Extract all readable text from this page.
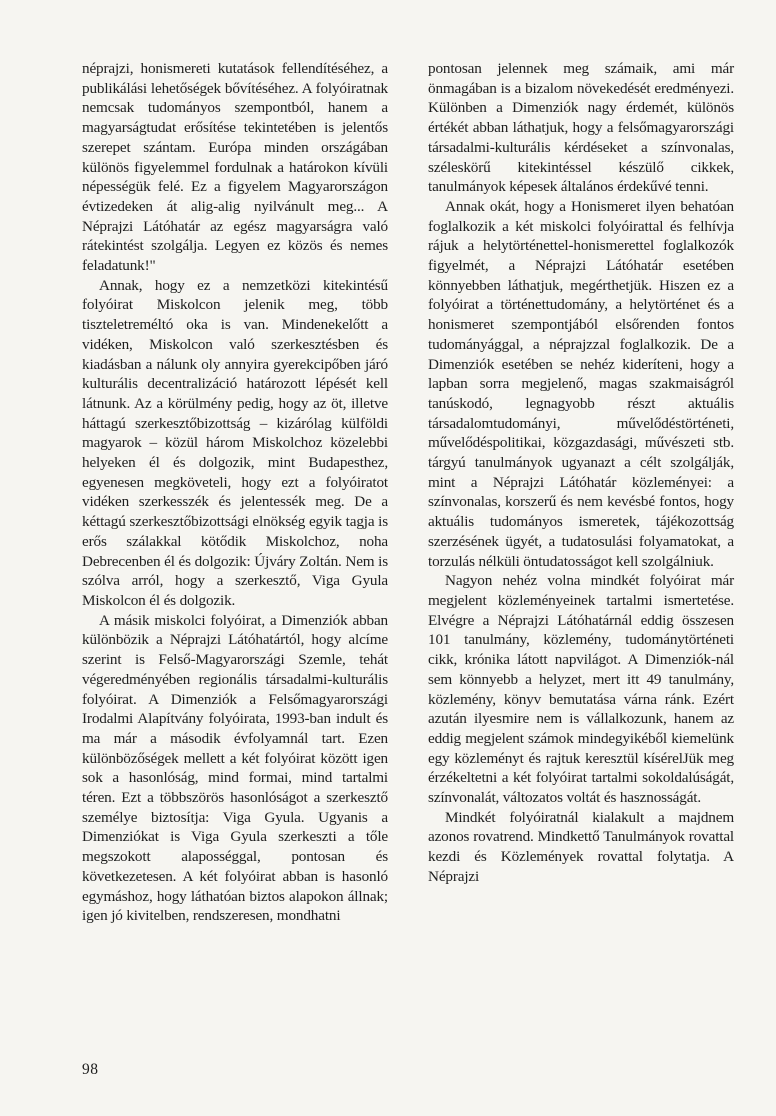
néprajzi, honismereti kutatások fellendítéséhez, a publikálási lehetőségek bővítéséhez. A folyóiratnak nemcsak tudományos szempontból, hanem a magyarságtudat erősítése tekintetében is jelentős szerepet szántam. Európa minden országában különös figyelemmel fordulnak a határokon kívüli népességük felé. Ez a figyelem Magyarországon évtizedeken át alig-alig nyilvánult meg... A Néprajzi Látóhatár az egész magyarságra való rátekintést szolgálja. Legyen ez közös és nemes feladatunk!"

Annak, hogy ez a nemzetközi kitekintésű folyóirat Miskolcon jelenik meg, több tiszteletreméltó oka is van. Mindenekelőtt a vidéken, Miskolcon való szerkesztésben és kiadásban a nálunk oly annyira gyerekcipőben járó kulturális decentralizáció határozott lépését kell látnunk. Az a körülmény pedig, hogy az öt, illetve háttagú szerkesztőbizottság – kizárólag külföldi magyarok – közül három Miskolchoz közelebbi helyeken él és dolgozik, mint Budapesthez, egyenesen megköveteli, hogy ezt a folyóiratot vidéken szerkesszék és jelentessék meg. De a kéttagú szerkesztőbizottsági elnökség egyik tagja is erős szálakkal kötődik Miskolchoz, noha Debrecenben él és dolgozik: Újváry Zoltán. Nem is szólva arról, hogy a szerkesztő, Viga Gyula Miskolcon él és dolgozik.

A másik miskolci folyóirat, a Dimenziók abban különbözik a Néprajzi Látóhatártól, hogy alcíme szerint is Felső-Magyarországi Szemle, tehát végeredményében regionális társadalmi-kulturális folyóirat. A Dimenziók a Felsőmagyarországi Irodalmi Alapítvány folyóirata, 1993-ban indult és ma már a második évfolyamnál tart. Ezen különbözőségek mellett a két folyóirat között igen sok a hasonlóság, mind formai, mind tartalmi téren. Ezt a többszörös hasonlóságot a szerkesztő személye biztosítja: Viga Gyula. Ugyanis a Dimenziókat is Viga Gyula szerkeszti a tőle megszokott alaposséggal, pontosan és következetesen. A két folyóirat abban is hasonló egymáshoz, hogy láthatóan biztos alapokon állnak; igen jó kivitelben, rendszeresen, mondhatni

pontosan jelennek meg számaik, ami már önmagában is a bizalom növekedését eredményezi. Különben a Dimenziók nagy érdemét, különös értékét abban láthatjuk, hogy a felsőmagyarországi társadalmi-kulturális kérdéseket a színvonalas, széleskörű kitekintéssel készülő cikkek, tanulmányok képesek általános érdekűvé tenni.

Annak okát, hogy a Honismeret ilyen behatóan foglalkozik a két miskolci folyóirattal és felhívja rájuk a helytörténettel-honismerettel foglalkozók figyelmét, a Néprajzi Látóhatár esetében könnyebben láthatjuk, megérthetjük. Hiszen ez a folyóirat a történettudomány, a helytörténet és a honismeret szempontjából elsőrenden fontos tudományággal, a néprajzzal foglalkozik. De a Dimenziók esetében se nehéz kideríteni, hogy a lapban sorra megjelenő, magas szakmaiságról tanúskodó, legnagyobb részt aktuális társadalomtudományi, művelődéstörténeti, művelődéspolitikai, közgazdasági, művészeti stb. tárgyú tanulmányok ugyanazt a célt szolgálják, mint a Néprajzi Látóhatár közleményei: a színvonalas, korszerű és nem kevésbé fontos, hogy aktuális tudományos ismeretek, tájékozottság szerzésének ügyét, a tudatosulási folyamatokat, a torzulás nélküli öntudatosságot kell szolgálniuk.

Nagyon nehéz volna mindkét folyóirat már megjelent közleményeinek tartalmi ismertetése. Elvégre a Néprajzi Látóhatárnál eddig összesen 101 tanulmány, közlemény, tudománytörténeti cikk, krónika látott napvilágot. A Dimenziók-nál sem könnyebb a helyzet, mert itt 49 tanulmány, közlemény, könyv bemutatása várna ránk. Ezért azután ilyesmire nem is vállalkozunk, hanem az eddig megjelent számok mindegyikéből kiemelünk egy közleményt és rajtuk keresztül kísérelJük meg érzékeltetni a két folyóirat tartalmi sokoldalúságát, színvonalát, változatos voltát és hasznosságát.

Mindkét folyóiratnál kialakult a majdnem azonos rovatrend. Mindkettő Tanulmányok rovattal kezdi és Közlemények rovattal folytatja. A Néprajzi

98
